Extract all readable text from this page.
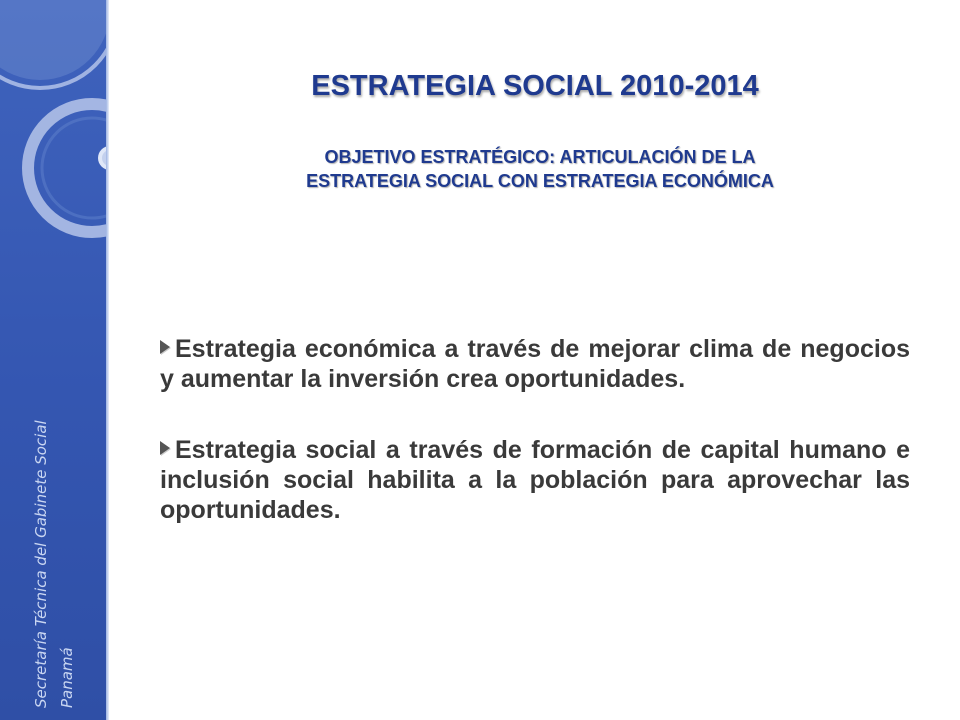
Secretaría Técnica del Gabinete Social Panamá
ESTRATEGIA SOCIAL 2010-2014
OBJETIVO ESTRATÉGICO: ARTICULACIÓN DE LA
ESTRATEGIA SOCIAL CON ESTRATEGIA ECONÓMICA
Estrategia económica a través de mejorar clima de negocios y aumentar la inversión crea oportunidades.
Estrategia social a través de formación de capital humano e inclusión social habilita a la población para aprovechar las oportunidades.
